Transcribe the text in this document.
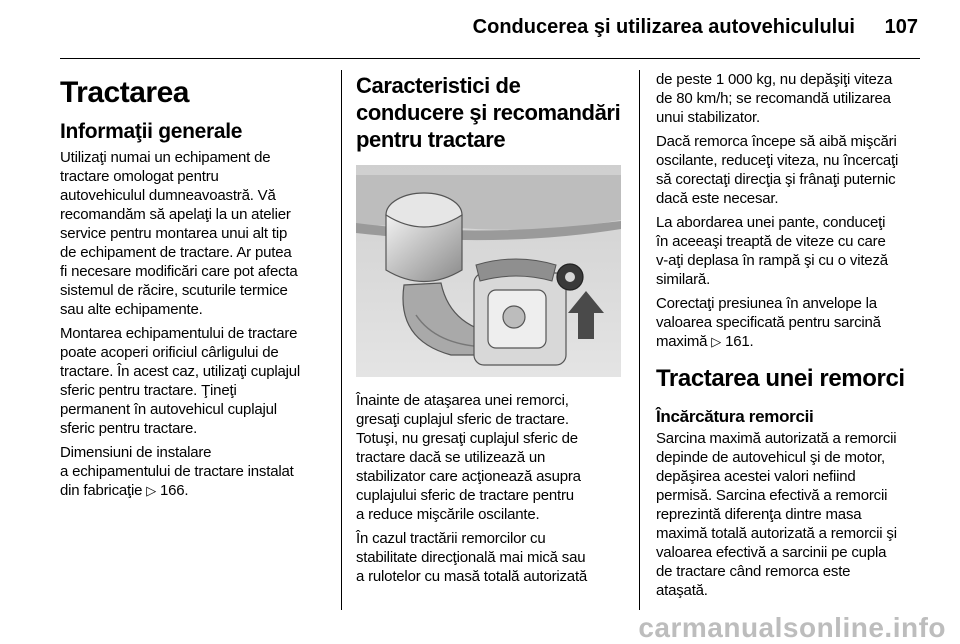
Conducerea şi utilizarea autovehiculului	107
Tractarea
Informaţii generale
Utilizaţi numai un echipament de
tractare omologat pentru
autovehiculul dumneavoastră. Vă
recomandăm să apelaţi la un atelier
service pentru montarea unui alt tip
de echipament de tractare. Ar putea
fi necesare modificări care pot afecta
sistemul de răcire, scuturile termice
sau alte echipamente.
Montarea echipamentului de tractare
poate acoperi orificiul cârligului de
tractare. În acest caz, utilizaţi cuplajul
sferic pentru tractare. Ţineţi
permanent în autovehicul cuplajul
sferic pentru tractare.
Dimensiuni de instalare
a echipamentului de tractare instalat
din fabricaţie ▷ 166.
Caracteristici de
conducere şi recomandări
pentru tractare
Înainte de ataşarea unei remorci,
gresaţi cuplajul sferic de tractare.
Totuşi, nu gresaţi cuplajul sferic de
tractare dacă se utilizează un
stabilizator care acţionează asupra
cuplajului sferic de tractare pentru
a reduce mişcările oscilante.
În cazul tractării remorcilor cu
stabilitate direcţională mai mică sau
a rulotelor cu masă totală autorizată
de peste 1 000 kg, nu depăşiţi viteza
de 80 km/h; se recomandă utilizarea
unui stabilizator.
Dacă remorca începe să aibă mişcări
oscilante, reduceţi viteza, nu încercaţi
să corectaţi direcţia şi frânaţi puternic
dacă este necesar.
La abordarea unei pante, conduceţi
în aceeaşi treaptă de viteze cu care
v-aţi deplasa în rampă şi cu o viteză
similară.
Corectaţi presiunea în anvelope la
valoarea specificată pentru sarcină
maximă ▷ 161.
Tractarea unei remorci
Încărcătura remorcii
Sarcina maximă autorizată a remorcii
depinde de autovehicul şi de motor,
depăşirea acestei valori nefiind
permisă. Sarcina efectivă a remorcii
reprezintă diferenţa dintre masa
maximă totală autorizată a remorcii şi
valoarea efectivă a sarcinii pe cupla
de tractare când remorca este
ataşată.
carmanualsonline.info
